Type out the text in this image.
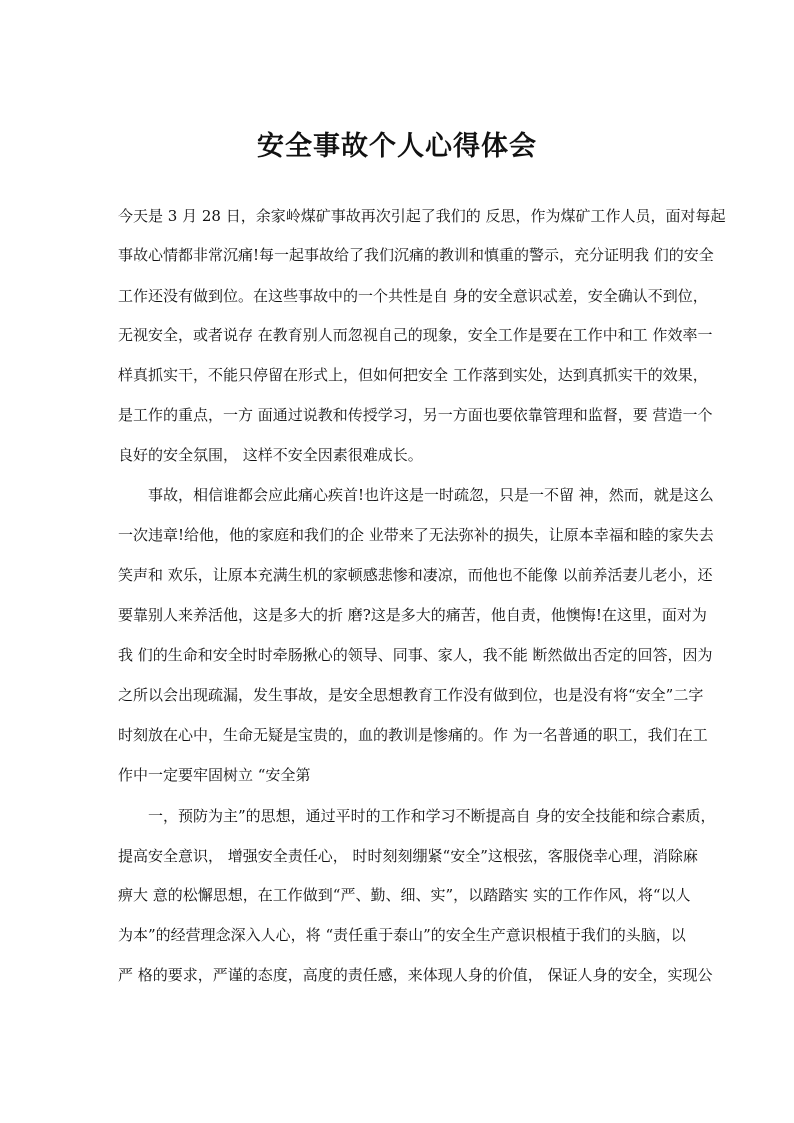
安全事故个人心得体会
今天是 3 月 28 日，余家岭煤矿事故再次引起了我们的 反思，作为煤矿工作人员，面对每起
事故心情都非常沉痛!每一起事故给了我们沉痛的教训和慎重的警示，充分证明我 们的安全
工作还没有做到位。在这些事故中的一个共性是自 身的安全意识忒差，安全确认不到位，
无视安全，或者说存 在教育别人而忽视自己的现象，安全工作是要在工作中和工 作效率一
样真抓实干，不能只停留在形式上，但如何把安全 工作落到实处，达到真抓实干的效果，
是工作的重点，一方 面通过说教和传授学习，另一方面也要依靠管理和监督，要 营造一个
良好的安全氛围， 这样不安全因素很难成长。
事故，相信谁都会应此痛心疾首!也许这是一时疏忽，只是一不留 神，然而，就是这么
一次违章!给他，他的家庭和我们的企 业带来了无法弥补的损失，让原本幸福和睦的家失去
笑声和 欢乐，让原本充满生机的家顿感悲惨和凄凉，而他也不能像 以前养活妻儿老小，还
要靠别人来养活他，这是多大的折 磨?这是多大的痛苦，他自责，他懊悔!在这里，面对为
我 们的生命和安全时时牵肠揪心的领导、同事、家人，我不能 断然做出否定的回答，因为
之所以会出现疏漏，发生事故，是安全思想教育工作没有做到位，也是没有将“安全”二字
时刻放在心中，生命无疑是宝贵的，血的教训是惨痛的。作 为一名普通的职工，我们在工
作中一定要牢固树立 “安全第
一，预防为主”的思想，通过平时的工作和学习不断提高自 身的安全技能和综合素质，
提高安全意识， 增强安全责任心， 时时刻刻绷紧“安全”这根弦，客服侥幸心理，消除麻
痹大 意的松懈思想，在工作做到“严、勤、细、实”，以踏踏实 实的工作作风，将“以人
为本”的经营理念深入人心，将 “责任重于泰山”的安全生产意识根植于我们的头脑，以
严 格的要求，严谨的态度，高度的责任感，来体现人身的价值， 保证人身的安全，实现公
